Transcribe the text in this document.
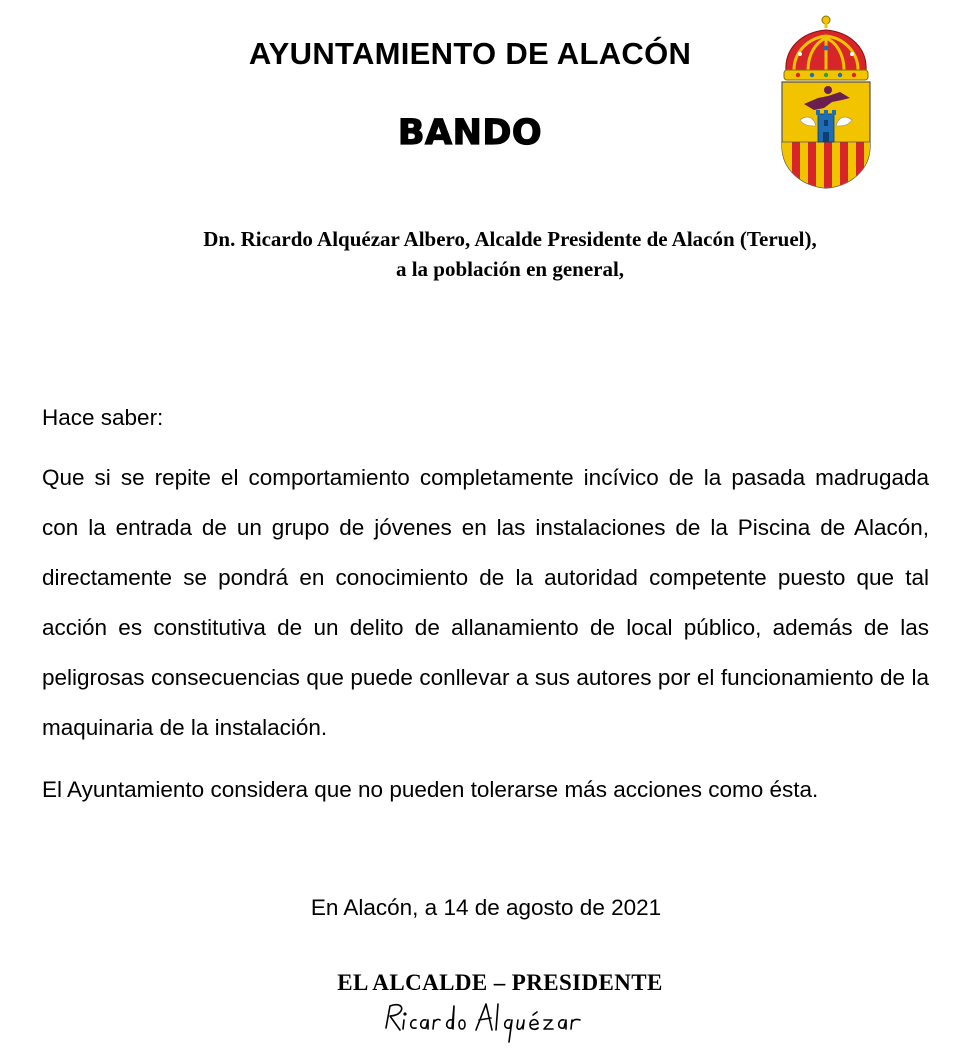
AYUNTAMIENTO DE ALACÓN
BANDO
Dn. Ricardo Alquézar Albero, Alcalde Presidente de Alacón (Teruel),
a la población en general,

Hace saber:

Que si se repite el comportamiento completamente incívico de la pasada madrugada con la entrada de un grupo de jóvenes en las instalaciones de la Piscina de Alacón, directamente se pondrá en conocimiento de la autoridad competente puesto que tal acción es constitutiva de un delito de allanamiento de local público, además de las peligrosas consecuencias que puede conllevar a sus autores por el funcionamiento de la maquinaria de la instalación.

El Ayuntamiento considera que no pueden tolerarse más acciones como ésta.

En Alacón, a 14 de agosto de 2021
EL ALCALDE – PRESIDENTE
